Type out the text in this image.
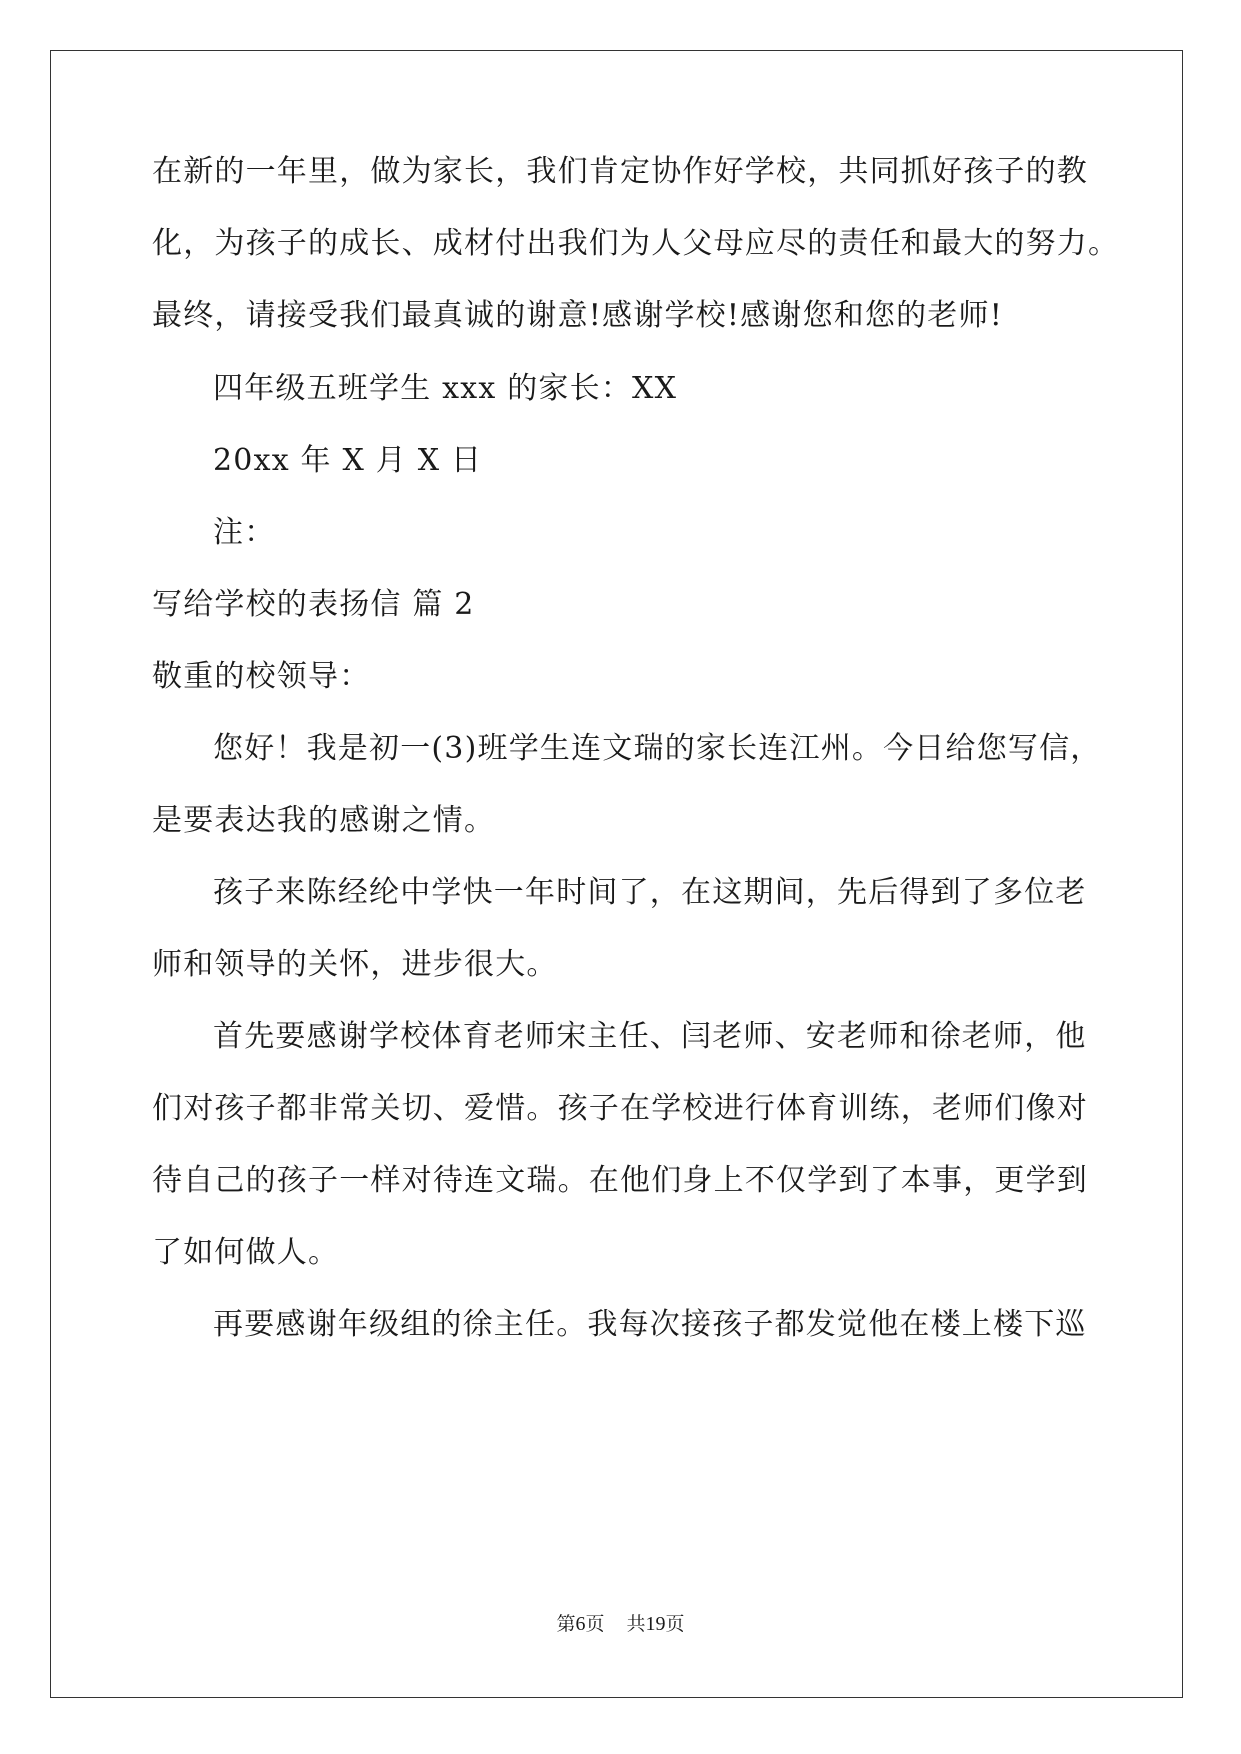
在新的一年里，做为家长，我们肯定协作好学校，共同抓好孩子的教
化，为孩子的成长、成材付出我们为人父母应尽的责任和最大的努力。
最终，请接受我们最真诚的谢意!感谢学校!感谢您和您的老师!
四年级五班学生 xxx 的家长：XX
20xx 年 X 月 X 日
注：
写给学校的表扬信 篇 2
敬重的校领导：
您好！我是初一(3)班学生连文瑞的家长连江州。今日给您写信，
是要表达我的感谢之情。
孩子来陈经纶中学快一年时间了，在这期间，先后得到了多位老
师和领导的关怀，进步很大。
首先要感谢学校体育老师宋主任、闫老师、安老师和徐老师，他
们对孩子都非常关切、爱惜。孩子在学校进行体育训练，老师们像对
待自己的孩子一样对待连文瑞。在他们身上不仅学到了本事，更学到
了如何做人。
再要感谢年级组的徐主任。我每次接孩子都发觉他在楼上楼下巡
第6页 共19页
